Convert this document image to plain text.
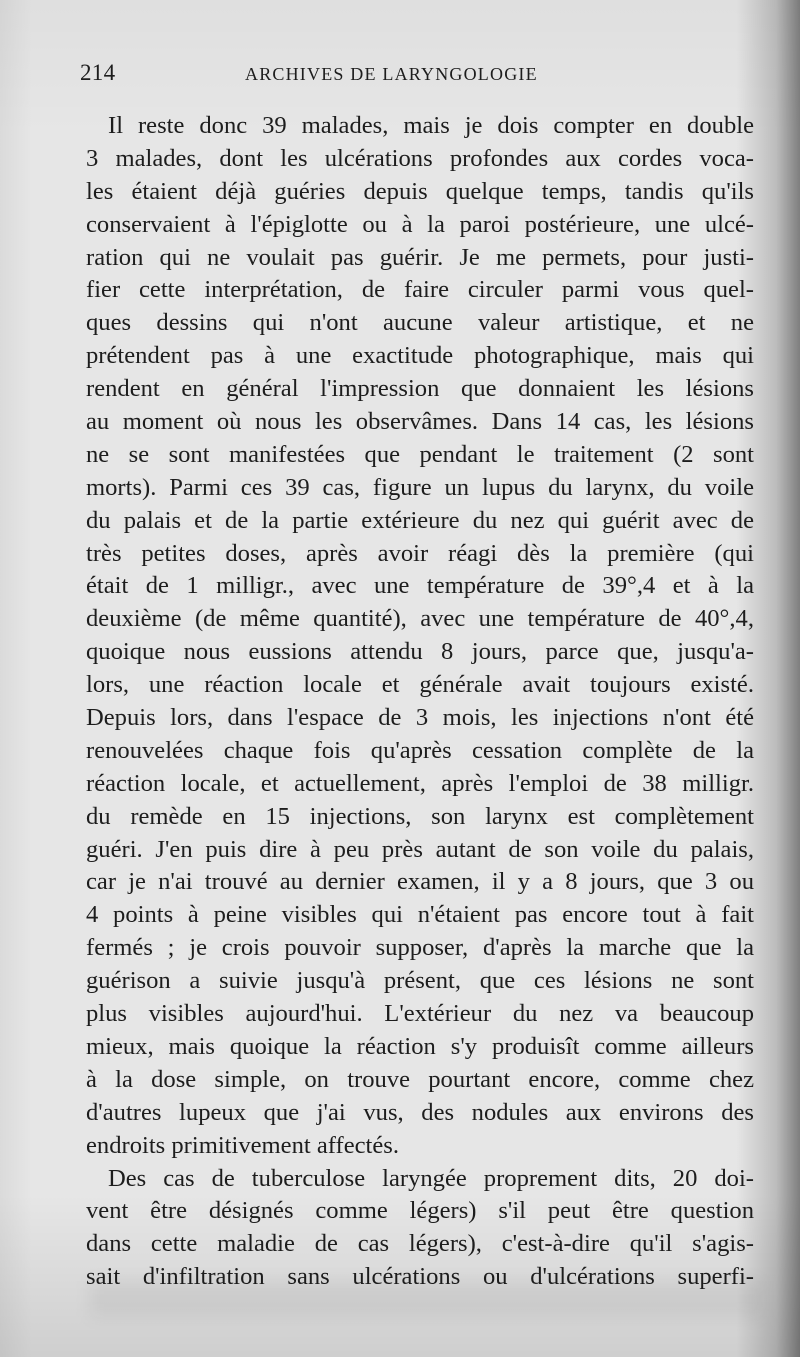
214	ARCHIVES DE LARYNGOLOGIE

Il reste donc 39 malades, mais je dois compter en double
3 malades, dont les ulcérations profondes aux cordes voca-
les étaient déjà guéries depuis quelque temps, tandis qu'ils
conservaient à l'épiglotte ou à la paroi postérieure, une ulcé-
ration qui ne voulait pas guérir. Je me permets, pour justi-
fier cette interprétation, de faire circuler parmi vous quel-
ques dessins qui n'ont aucune valeur artistique, et ne
prétendent pas à une exactitude photographique, mais qui
rendent en général l'impression que donnaient les lésions
au moment où nous les observâmes. Dans 14 cas, les lésions
ne se sont manifestées que pendant le traitement (2 sont
morts). Parmi ces 39 cas, figure un lupus du larynx, du voile
du palais et de la partie extérieure du nez qui guérit avec de
très petites doses, après avoir réagi dès la première (qui
était de 1 milligr., avec une température de 39°,4 et à la
deuxième (de même quantité), avec une température de 40°,4,
quoique nous eussions attendu 8 jours, parce que, jusqu'a-
lors, une réaction locale et générale avait toujours existé.
Depuis lors, dans l'espace de 3 mois, les injections n'ont été
renouvelées chaque fois qu'après cessation complète de la
réaction locale, et actuellement, après l'emploi de 38 milligr.
du remède en 15 injections, son larynx est complètement
guéri. J'en puis dire à peu près autant de son voile du palais,
car je n'ai trouvé au dernier examen, il y a 8 jours, que 3 ou
4 points à peine visibles qui n'étaient pas encore tout à fait
fermés ; je crois pouvoir supposer, d'après la marche que la
guérison a suivie jusqu'à présent, que ces lésions ne sont
plus visibles aujourd'hui. L'extérieur du nez va beaucoup
mieux, mais quoique la réaction s'y produisît comme ailleurs
à la dose simple, on trouve pourtant encore, comme chez
d'autres lupeux que j'ai vus, des nodules aux environs des
endroits primitivement affectés.

Des cas de tuberculose laryngée proprement dits, 20 doi-
vent être désignés comme légers) s'il peut être question
dans cette maladie de cas légers), c'est-à-dire qu'il s'agis-
sait d'infiltration sans ulcérations ou d'ulcérations superfi-
